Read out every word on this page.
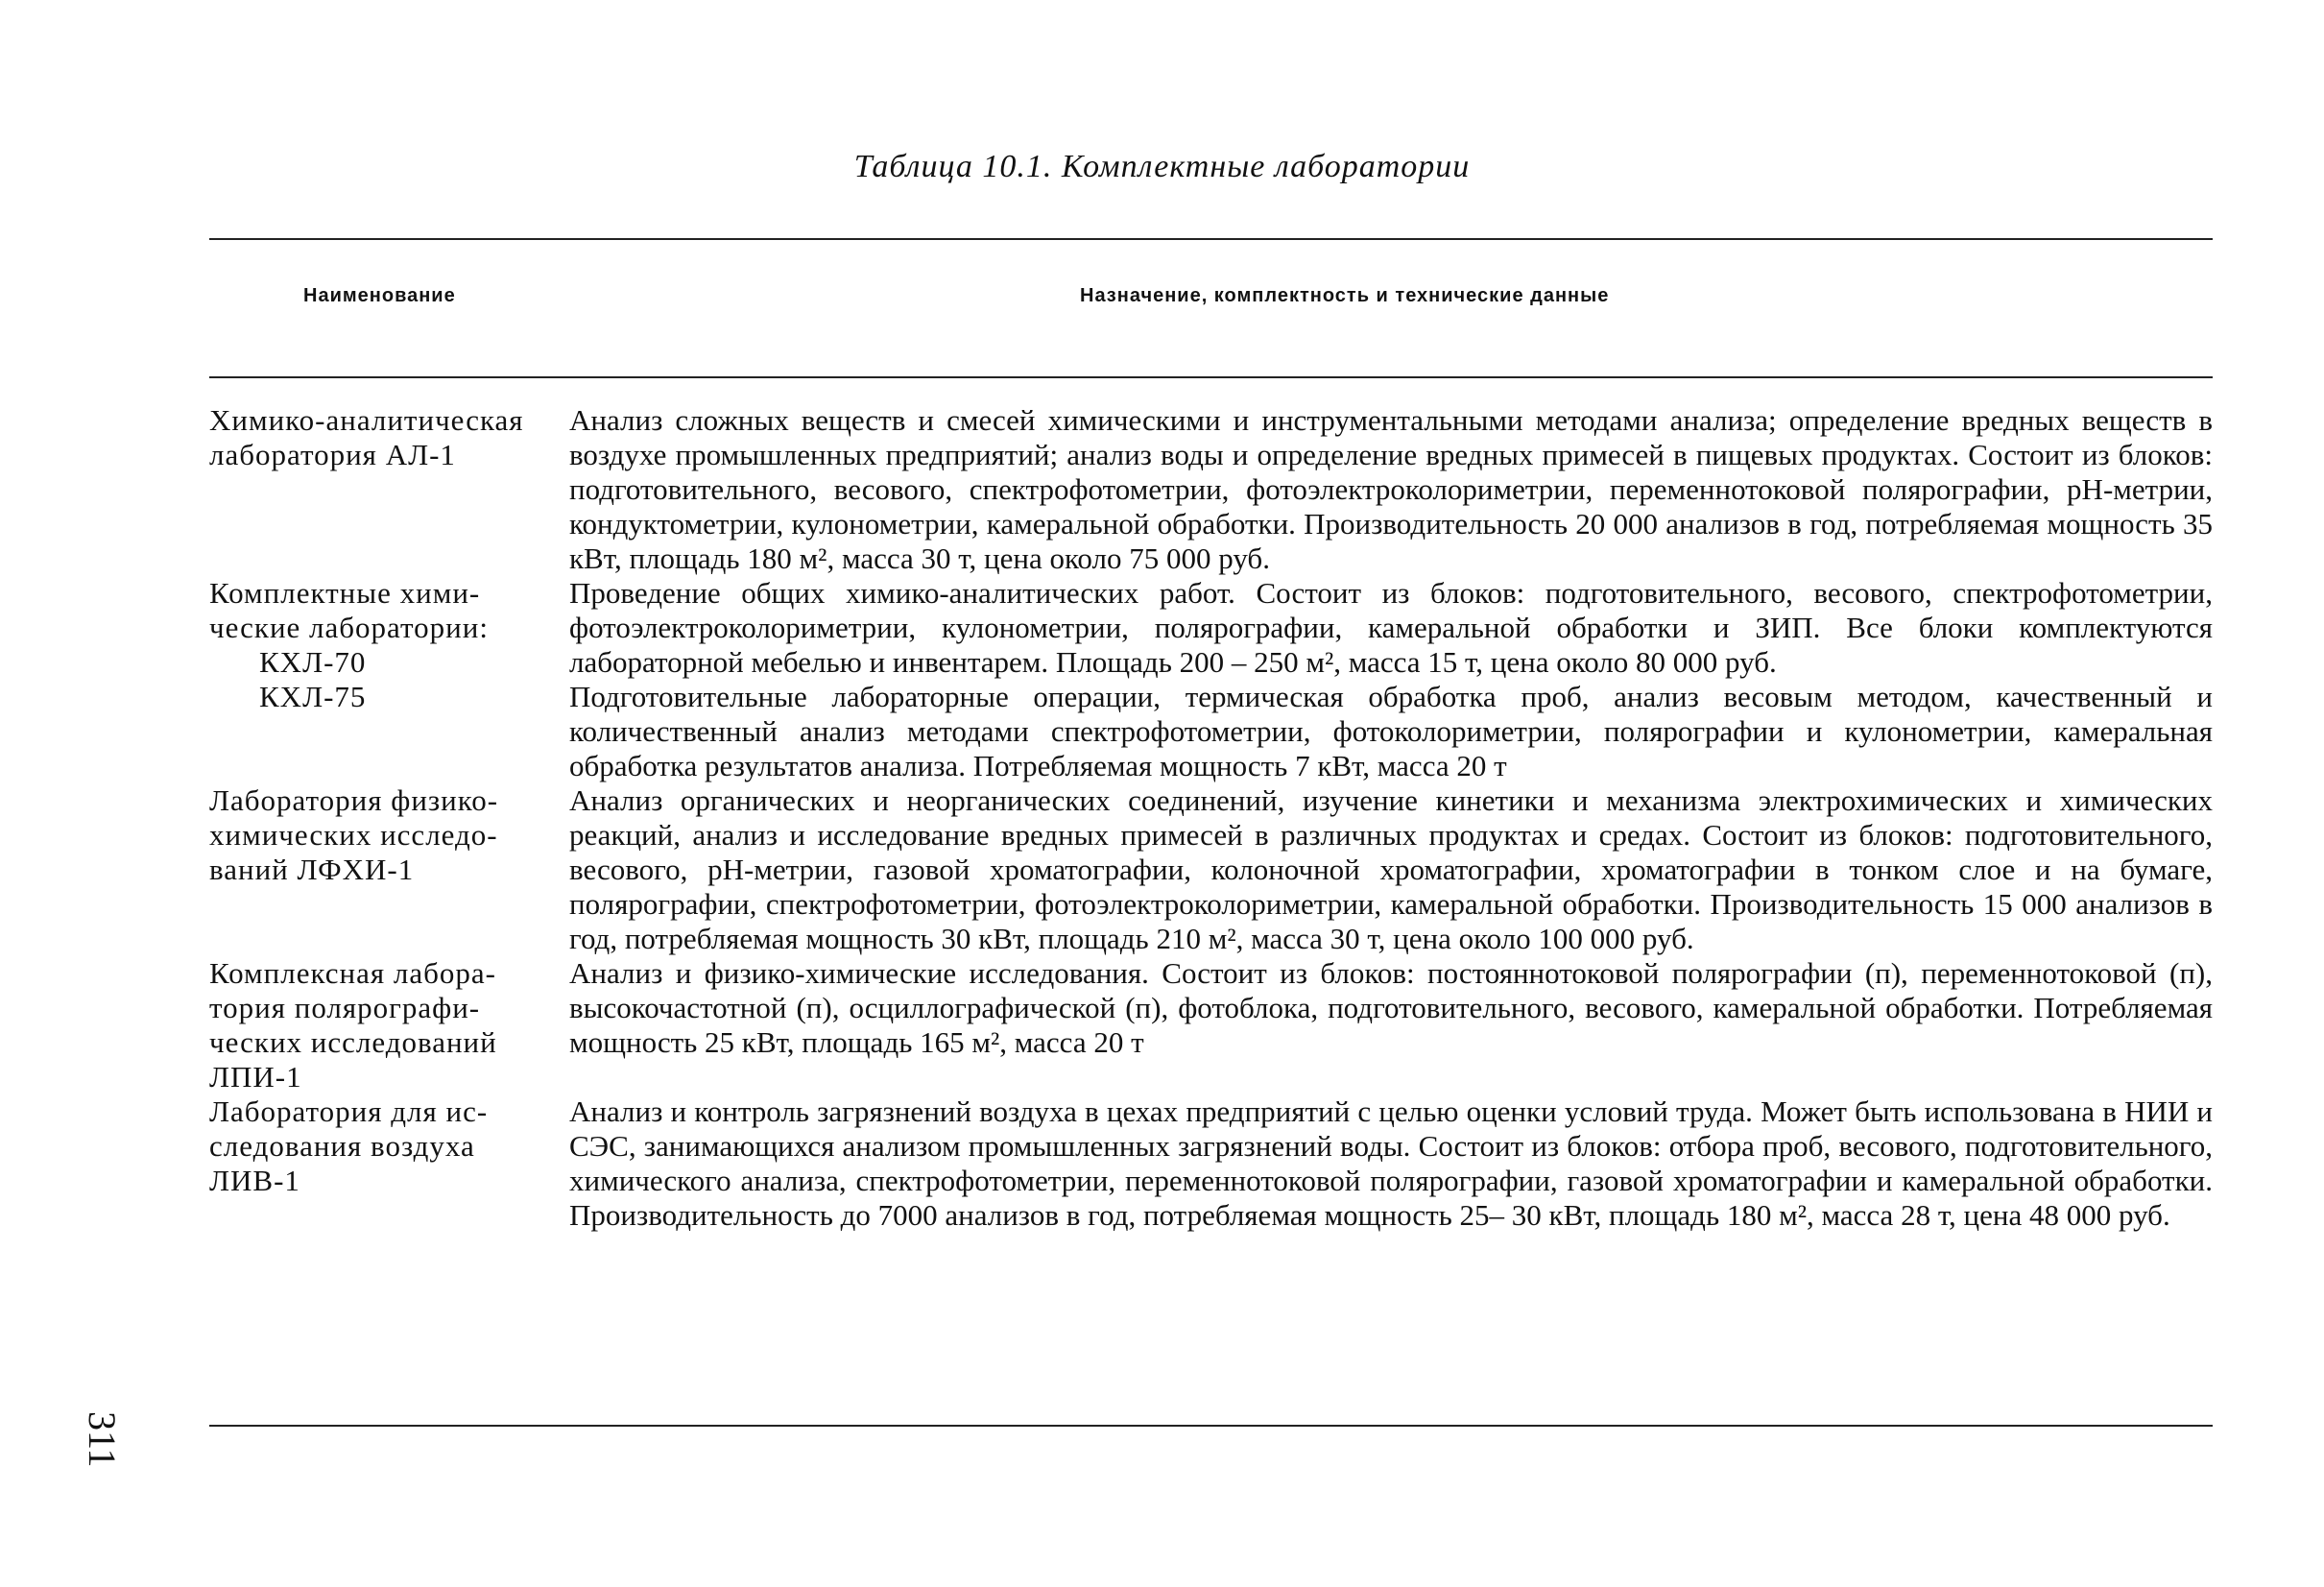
Таблица 10.1. Комплектные лаборатории
Наименование	Назначение, комплектность и технические данные
Химико-аналитическая
лаборатория АЛ-1
Анализ сложных веществ и смесей химическими и инструментальными методами анализа; определение вредных веществ в воздухе промышленных предприятий; анализ воды и определение вредных примесей в пищевых продуктах. Состоит из блоков: подготовительного, весового, спектрофотометрии, фотоэлектроколориметрии, переменнотоковой полярографии, рН-метрии, кондуктометрии, кулонометрии, камеральной обработки. Производительность 20 000 анализов в год, потребляемая мощность 35 кВт, площадь 180 м², масса 30 т, цена около 75 000 руб.
Комплектные хими-
ческие лаборатории:
КХЛ-70
Проведение общих химико-аналитических работ. Состоит из блоков: подготовительного, весового, спектрофотометрии, фотоэлектроколориметрии, кулонометрии, полярографии, камеральной обработки и ЗИП. Все блоки комплектуются лабораторной мебелью и инвентарем. Площадь 200 – 250 м², масса 15 т, цена около 80 000 руб.
КХЛ-75	Подготовительные лабораторные операции, термическая обработка проб, анализ весовым методом, качественный и количественный анализ методами спектрофотометрии, фотоколориметрии, полярографии и кулонометрии, камеральная обработка результатов анализа. Потребляемая мощность 7 кВт, масса 20 т
Лаборатория физико-
химических исследо-
ваний ЛФХИ-1
Анализ органических и неорганических соединений, изучение кинетики и механизма электрохимических и химических реакций, анализ и исследование вредных примесей в различных продуктах и средах. Состоит из блоков: подготовительного, весового, рН-метрии, газовой хроматографии, колоночной хроматографии, хроматографии в тонком слое и на бумаге, полярографии, спектрофотометрии, фотоэлектроколориметрии, камеральной обработки. Производительность 15 000 анализов в год, потребляемая мощность 30 кВт, площадь 210 м², масса 30 т, цена около 100 000 руб.
Комплексная лабора-
тория полярографи-
ческих исследований
ЛПИ-1
Анализ и физико-химические исследования. Состоит из блоков: постояннотоковой полярографии (п), переменнотоковой (п), высокочастотной (п), осциллографической (п), фотоблока, подготовительного, весового, камеральной обработки. Потребляемая мощность 25 кВт, площадь 165 м², масса 20 т
Лаборатория для ис-
следования воздуха
ЛИВ-1
Анализ и контроль загрязнений воздуха в цехах предприятий с целью оценки условий труда. Может быть использована в НИИ и СЭС, занимающихся анализом промышленных загрязнений воды. Состоит из блоков: отбора проб, весового, подготовительного, химического анализа, спектрофотометрии, переменнотоковой полярографии, газовой хроматографии и камеральной обработки. Производительность до 7000 анализов в год, потребляемая мощность 25– 30 кВт, площадь 180 м², масса 28 т, цена 48 000 руб.
311
